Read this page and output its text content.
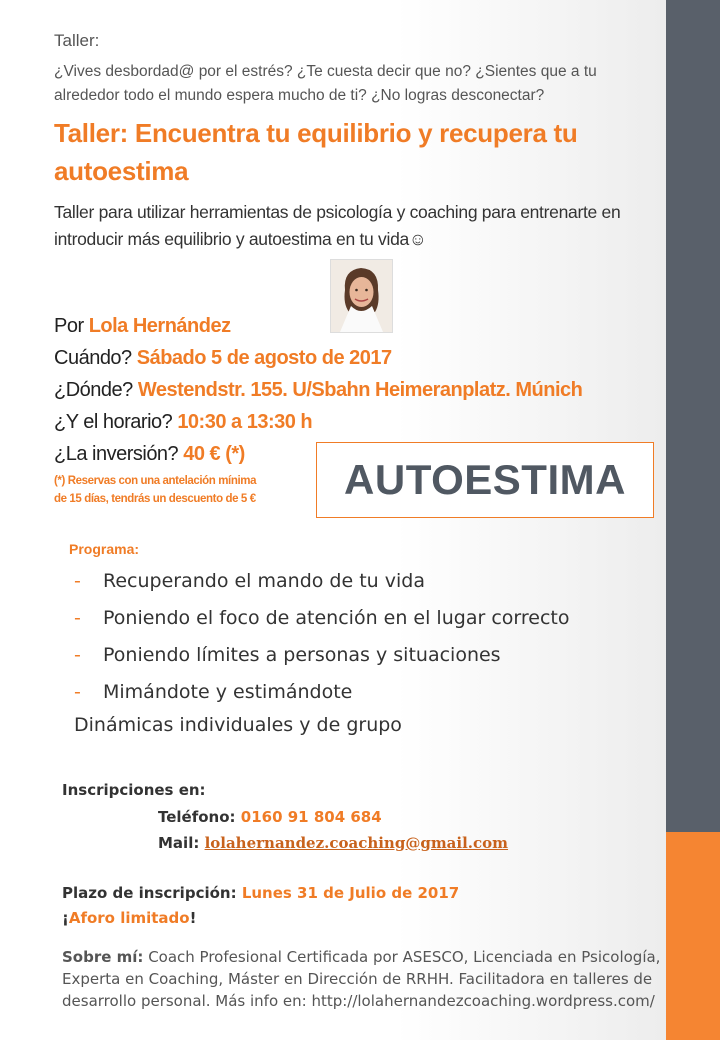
Taller:
¿Vives desbordad@ por el estrés? ¿Te cuesta decir que no? ¿Sientes que a tu alrededor todo el mundo espera mucho de ti? ¿No logras desconectar?
Taller: Encuentra tu equilibrio y recupera tu autoestima
Taller para utilizar herramientas de psicología y coaching para entrenarte en introducir más equilibrio y autoestima en tu vida☺
Por Lola Hernández
Cuándo? Sábado 5 de agosto de 2017
¿Dónde? Westendstr. 155. U/Sbahn Heimeranplatz. Múnich
¿Y el horario? 10:30 a 13:30 h
¿La inversión? 40 € (*)
(*) Reservas con una antelación mínima
de 15 días, tendrás un descuento de 5 €	AUTOESTIMA
Programa:
- Recuperando el mando de tu vida
- Poniendo el foco de atención en el lugar correcto
- Poniendo límites a personas y situaciones
- Mimándote y estimándote
Dinámicas individuales y de grupo
Inscripciones en:
Teléfono: 0160 91 804 684
Mail: lolahernandez.coaching@gmail.com
Plazo de inscripción: Lunes 31 de Julio de 2017
¡Aforo limitado!
Sobre mí: Coach Profesional Certificada por ASESCO, Licenciada en Psicología, Experta en Coaching, Máster en Dirección de RRHH. Facilitadora en talleres de desarrollo personal. Más info en: http://lolahernandezcoaching.wordpress.com/
